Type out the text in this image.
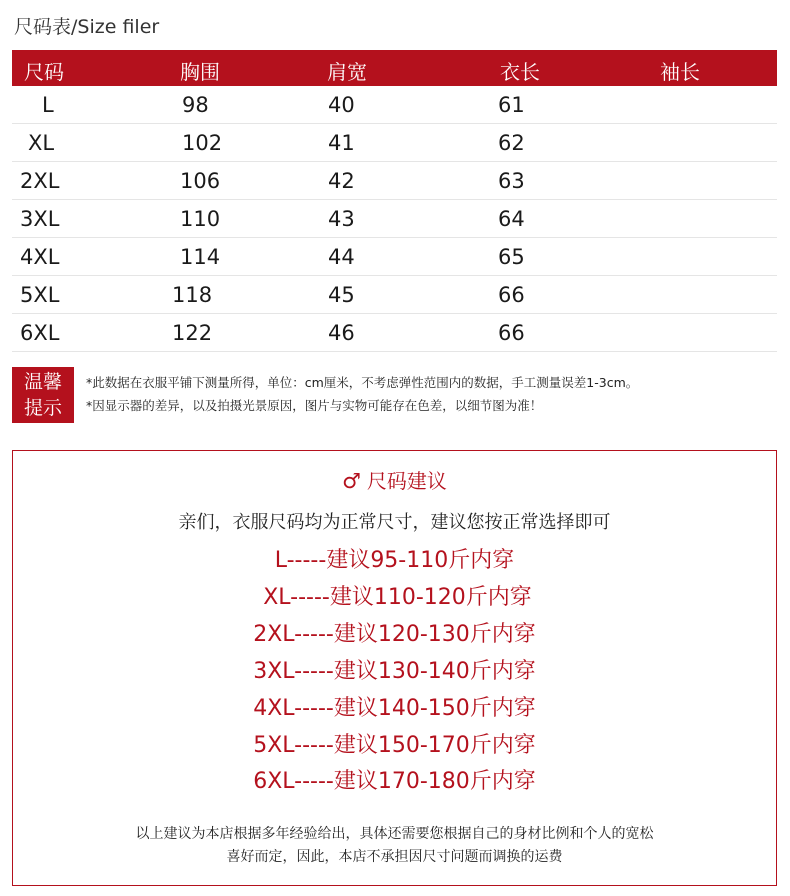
尺码表/Size filer
尺码	胸围	肩宽	衣长	袖长
L	98	40	61
XL	102	41	62
2XL	106	42	63
3XL	110	43	64
4XL	114	44	65
5XL	118	45	66
6XL	122	46	66
温馨
提示
*此数据在衣服平铺下测量所得，单位：cm厘米，不考虑弹性范围内的数据，手工测量误差1-3cm。
*因显示器的差异，以及拍摄光景原因，图片与实物可能存在色差，以细节图为准！
♂ 尺码建议
亲们，衣服尺码均为正常尺寸，建议您按正常选择即可
L-----建议95-110斤内穿
XL-----建议110-120斤内穿
2XL-----建议120-130斤内穿
3XL-----建议130-140斤内穿
4XL-----建议140-150斤内穿
5XL-----建议150-170斤内穿
6XL-----建议170-180斤内穿
以上建议为本店根据多年经验给出，具体还需要您根据自己的身材比例和个人的宽松
喜好而定，因此，本店不承担因尺寸问题而调换的运费
